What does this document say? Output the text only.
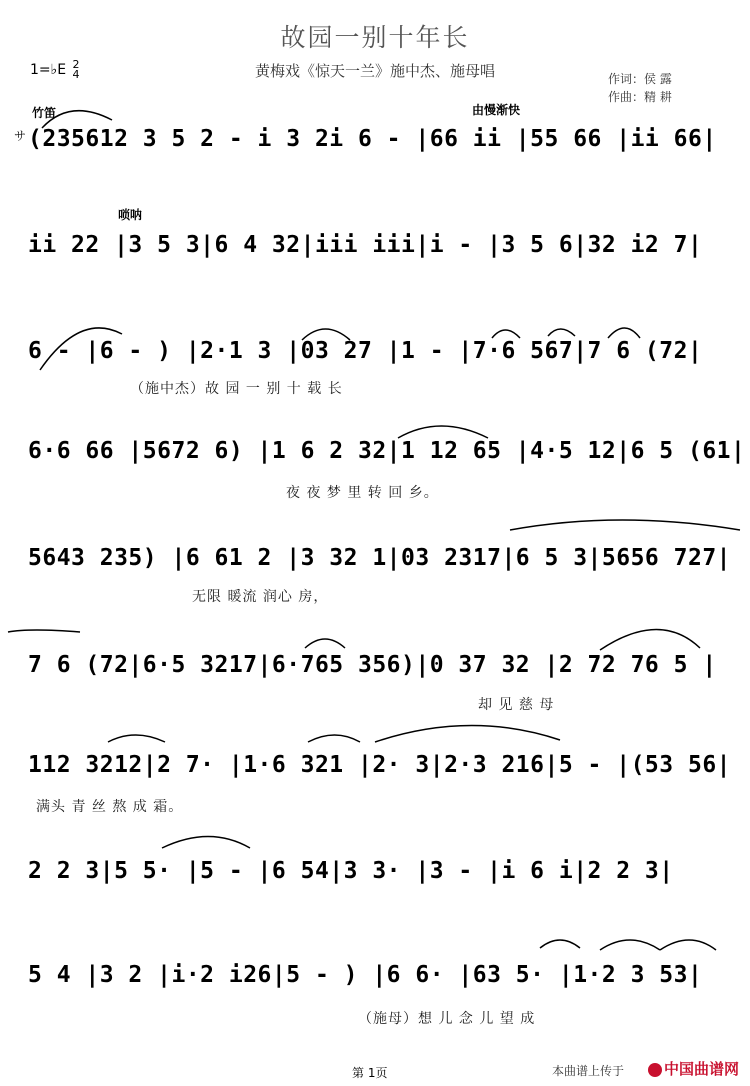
故园一别十年长
黄梅戏《惊天一兰》施中杰、施母唱
1=♭E 2
4	作词：侯 露
作曲：精 耕
竹笛
サ
唢呐
由慢渐快
(235612 3 5 2 - i 3 2i 6 - |66 ii |55 66 |ii 66|
ii 22 |3 5 3|6 4 32|iii iii|i - |3 5 6|32 i2 7|
6 - |6 - ) |2·1 3 |03 27 |1 - |7·6 567|7 6 (72|
（施中杰）故 园 一 别 十 载 长
6·6 66 |5672 6) |1 6 2 32|1 12 65 |4·5 12|6 5 (61|
夜 夜 梦 里 转 回 乡。
5643 235) |6 61 2 |3 32 1|03 2317|6 5 3|5656 727|
无限 暖流 润心 房，
7 6 (72|6·5 3217|6·765 356)|0 37 32 |2 72 76 5 |
却 见 慈 母
112 3212|2 7· |1·6 321 |2· 3|2·3 216|5 - |(53 56|
满头 青 丝 熬 成 霜。
2 2 3|5 5· |5 - |6 54|3 3· |3 - |i 6 i|2 2 3|
5 4 |3 2 |i·2 i26|5 - ) |6 6· |63 5· |1·2 3 53|
（施母）想 儿 念 儿 望 成
第 1页	本曲谱上传于	中国曲谱网
